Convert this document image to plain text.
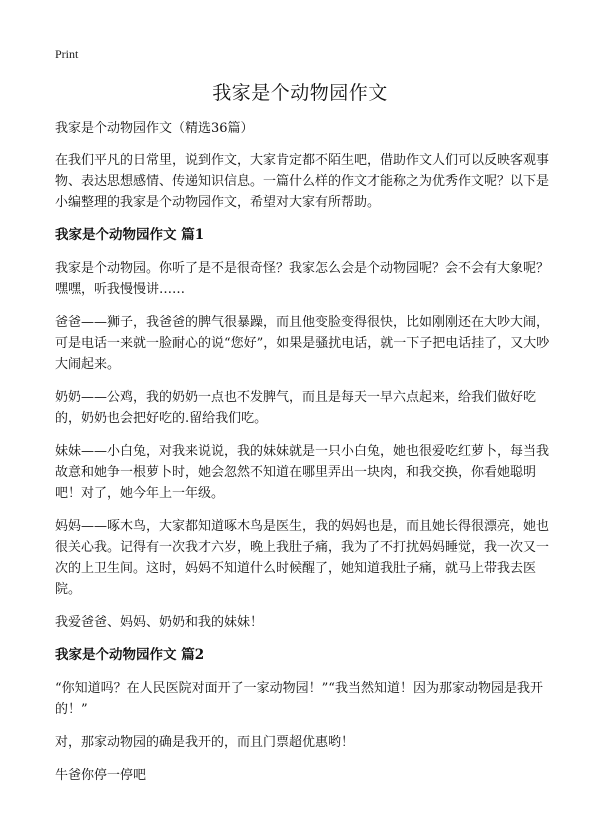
Print
我家是个动物园作文

我家是个动物园作文（精选36篇）

在我们平凡的日常里，说到作文，大家肯定都不陌生吧，借助作文人们可以反映客观事物、表达思想感情、传递知识信息。一篇什么样的作文才能称之为优秀作文呢？以下是小编整理的我家是个动物园作文，希望对大家有所帮助。

我家是个动物园作文 篇1

我家是个动物园。你听了是不是很奇怪？我家怎么会是个动物园呢？会不会有大象呢？嘿嘿，听我慢慢讲……

爸爸——狮子，我爸爸的脾气很暴躁，而且他变脸变得很快，比如刚刚还在大吵大闹，可是电话一来就一脸耐心的说“您好”，如果是骚扰电话，就一下子把电话挂了，又大吵大闹起来。

奶奶——公鸡，我的奶奶一点也不发脾气，而且是每天一早六点起来，给我们做好吃的，奶奶也会把好吃的.留给我们吃。

妹妹——小白兔，对我来说说，我的妹妹就是一只小白兔，她也很爱吃红萝卜，每当我故意和她争一根萝卜时，她会忽然不知道在哪里弄出一块肉，和我交换，你看她聪明吧！对了，她今年上一年级。

妈妈——啄木鸟，大家都知道啄木鸟是医生，我的妈妈也是，而且她长得很漂亮，她也很关心我。记得有一次我才六岁，晚上我肚子痛，我为了不打扰妈妈睡觉，我一次又一次的上卫生间。这时，妈妈不知道什么时候醒了，她知道我肚子痛，就马上带我去医院。

我爱爸爸、妈妈、奶奶和我的妹妹！

我家是个动物园作文 篇2

“你知道吗？在人民医院对面开了一家动物园！”“我当然知道！因为那家动物园是我开的！”

对，那家动物园的确是我开的，而且门票超优惠哟！

牛爸你停一停吧
